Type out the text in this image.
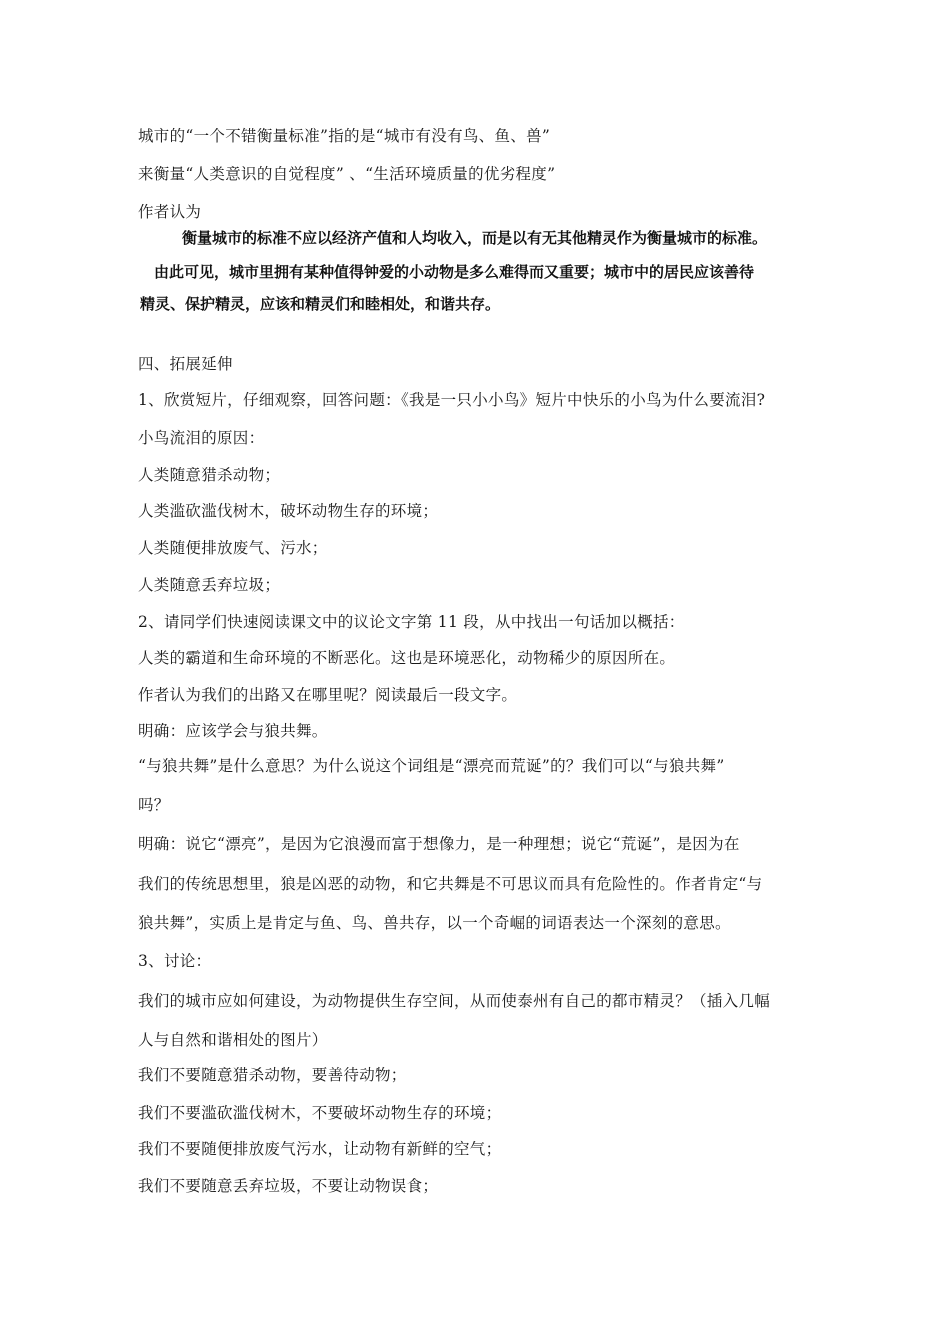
城市的“一个不错衡量标准”指的是“城市有没有鸟、鱼、兽”
来衡量“人类意识的自觉程度” 、“生活环境质量的优劣程度”
作者认为
衡量城市的标准不应以经济产值和人均收入，而是以有无其他精灵作为衡量城市的标准。
由此可见，城市里拥有某种值得钟爱的小动物是多么难得而又重要；城市中的居民应该善待
精灵、保护精灵，应该和精灵们和睦相处，和谐共存。
四、拓展延伸
1、欣赏短片，仔细观察，回答问题：《我是一只小小鸟》短片中快乐的小鸟为什么要流泪?
小鸟流泪的原因：
人类随意猎杀动物；
人类滥砍滥伐树木，破坏动物生存的环境；
人类随便排放废气、污水；
人类随意丢弃垃圾；
2、请同学们快速阅读课文中的议论文字第 11 段，从中找出一句话加以概括：
人类的霸道和生命环境的不断恶化。这也是环境恶化，动物稀少的原因所在。
作者认为我们的出路又在哪里呢？阅读最后一段文字。
明确：应该学会与狼共舞。
“与狼共舞”是什么意思？为什么说这个词组是“漂亮而荒诞”的？我们可以“与狼共舞”
吗？
明确：说它“漂亮”，是因为它浪漫而富于想像力，是一种理想；说它“荒诞”，是因为在
我们的传统思想里，狼是凶恶的动物，和它共舞是不可思议而具有危险性的。作者肯定“与
狼共舞”，实质上是肯定与鱼、鸟、兽共存，以一个奇崛的词语表达一个深刻的意思。
3、讨论：
我们的城市应如何建设，为动物提供生存空间，从而使泰州有自己的都市精灵？（插入几幅
人与自然和谐相处的图片）
我们不要随意猎杀动物，要善待动物；
我们不要滥砍滥伐树木，不要破坏动物生存的环境；
我们不要随便排放废气污水，让动物有新鲜的空气；
我们不要随意丢弃垃圾，不要让动物误食；
